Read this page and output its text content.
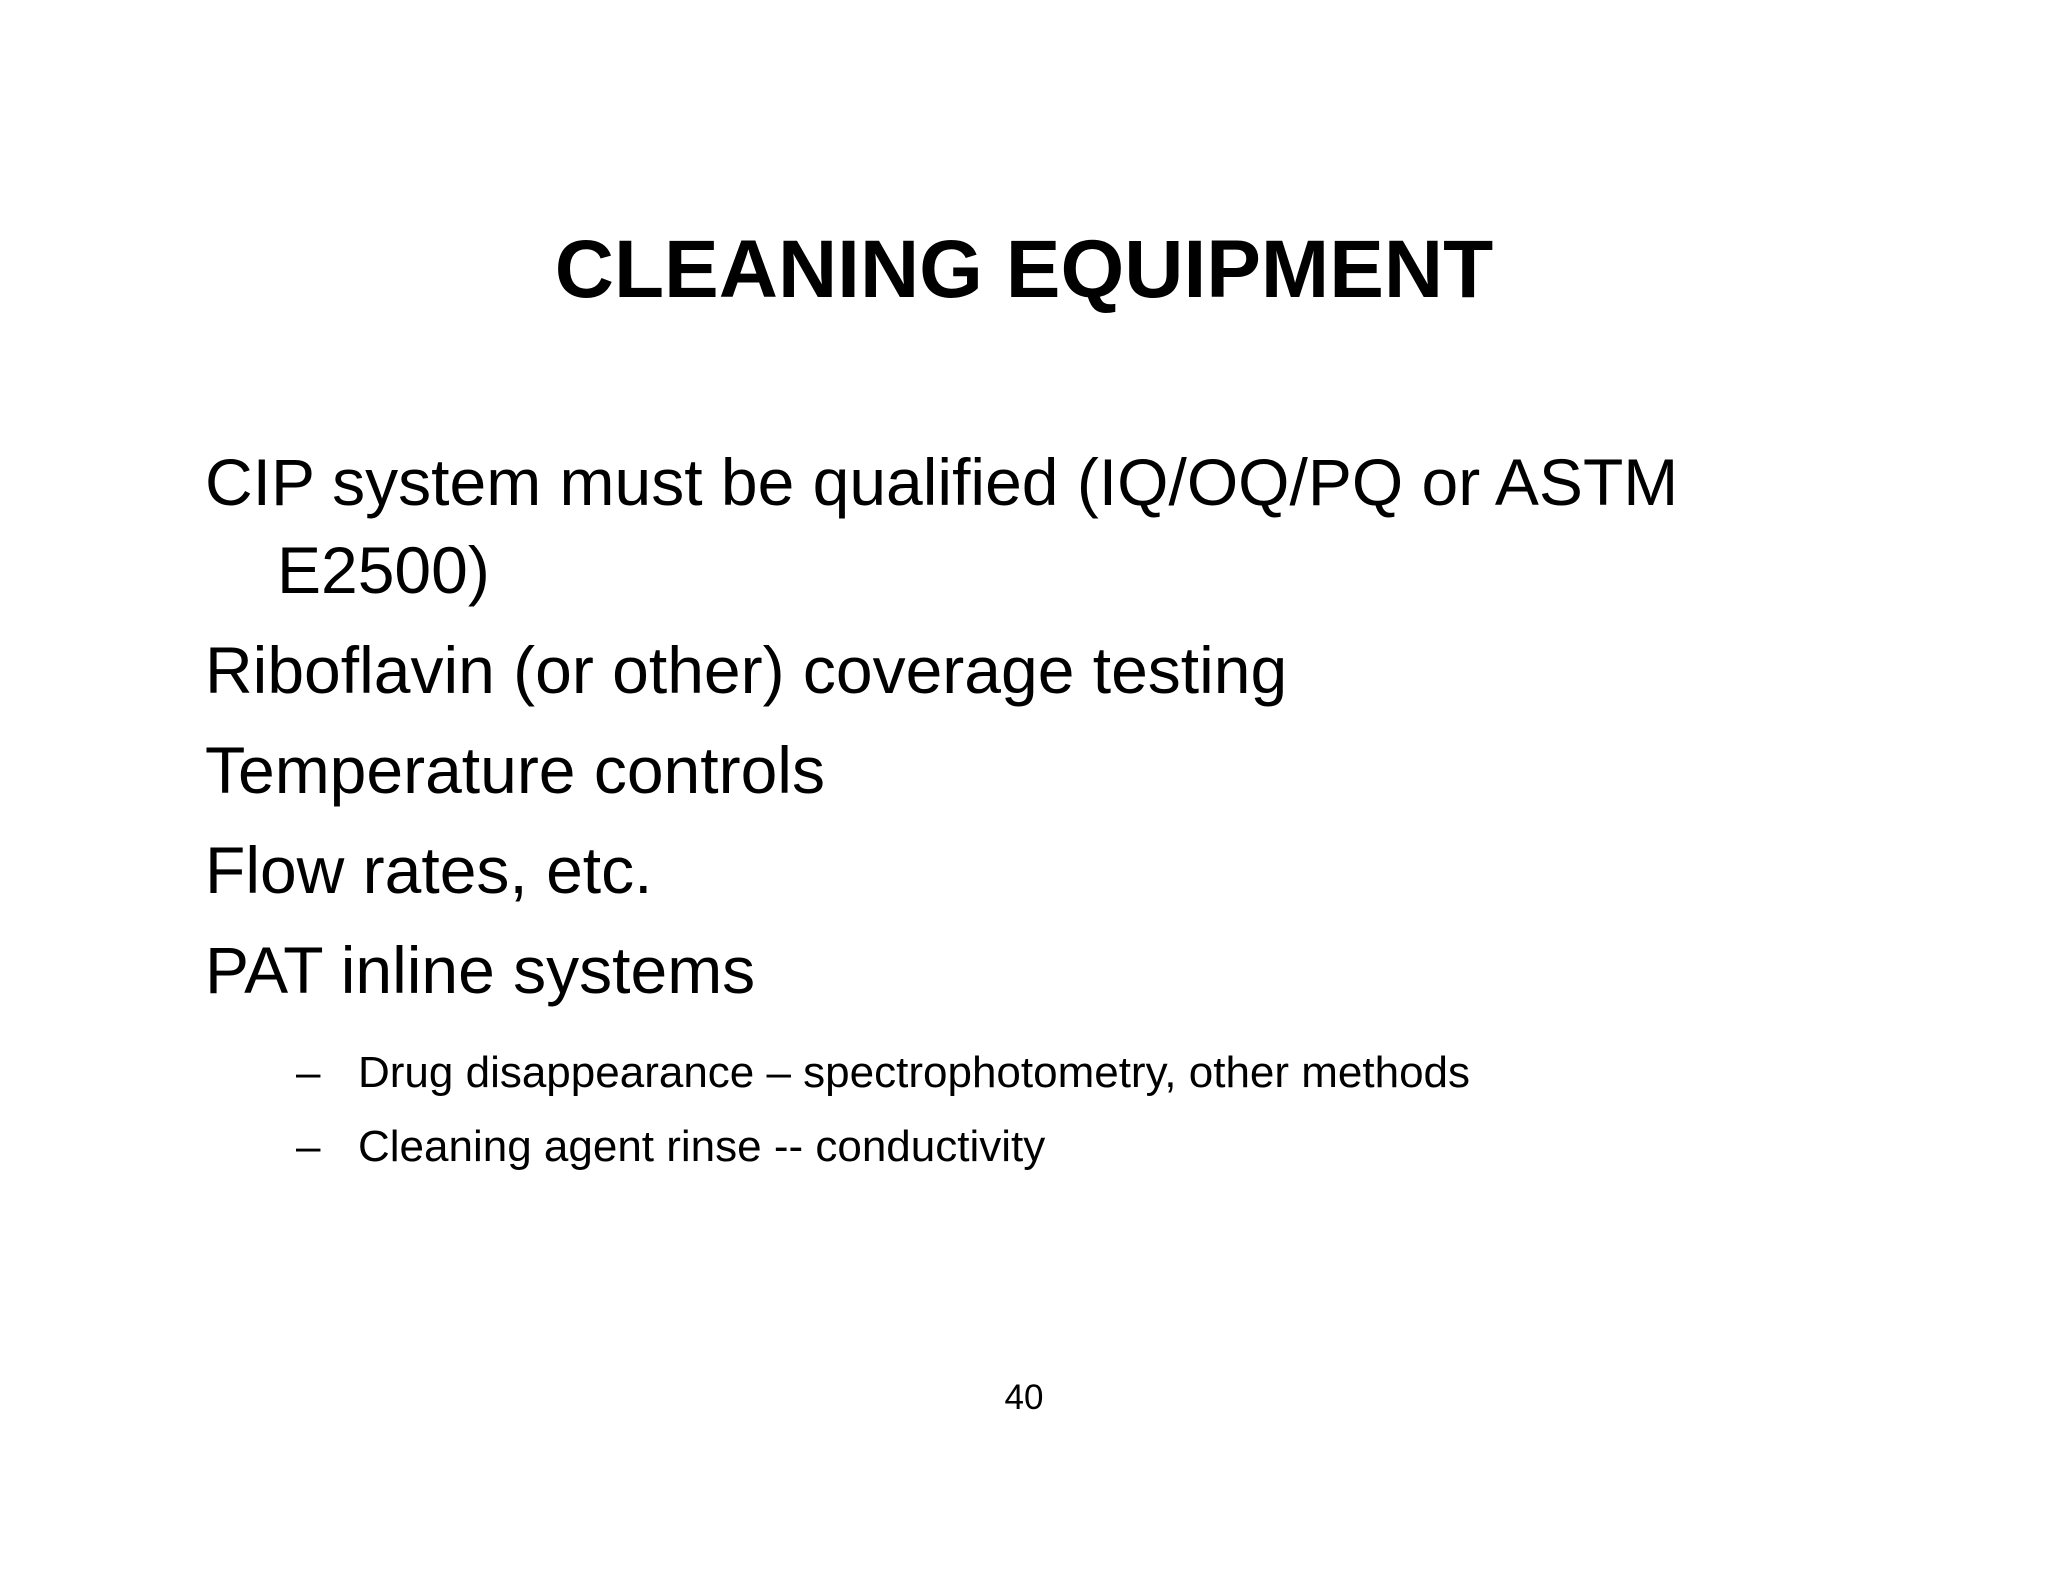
CLEANING EQUIPMENT
CIP system must be qualified (IQ/OQ/PQ or ASTM E2500)
Riboflavin (or other) coverage testing
Temperature controls
Flow rates, etc.
PAT inline systems
– Drug disappearance – spectrophotometry, other methods
– Cleaning agent rinse -- conductivity
40
